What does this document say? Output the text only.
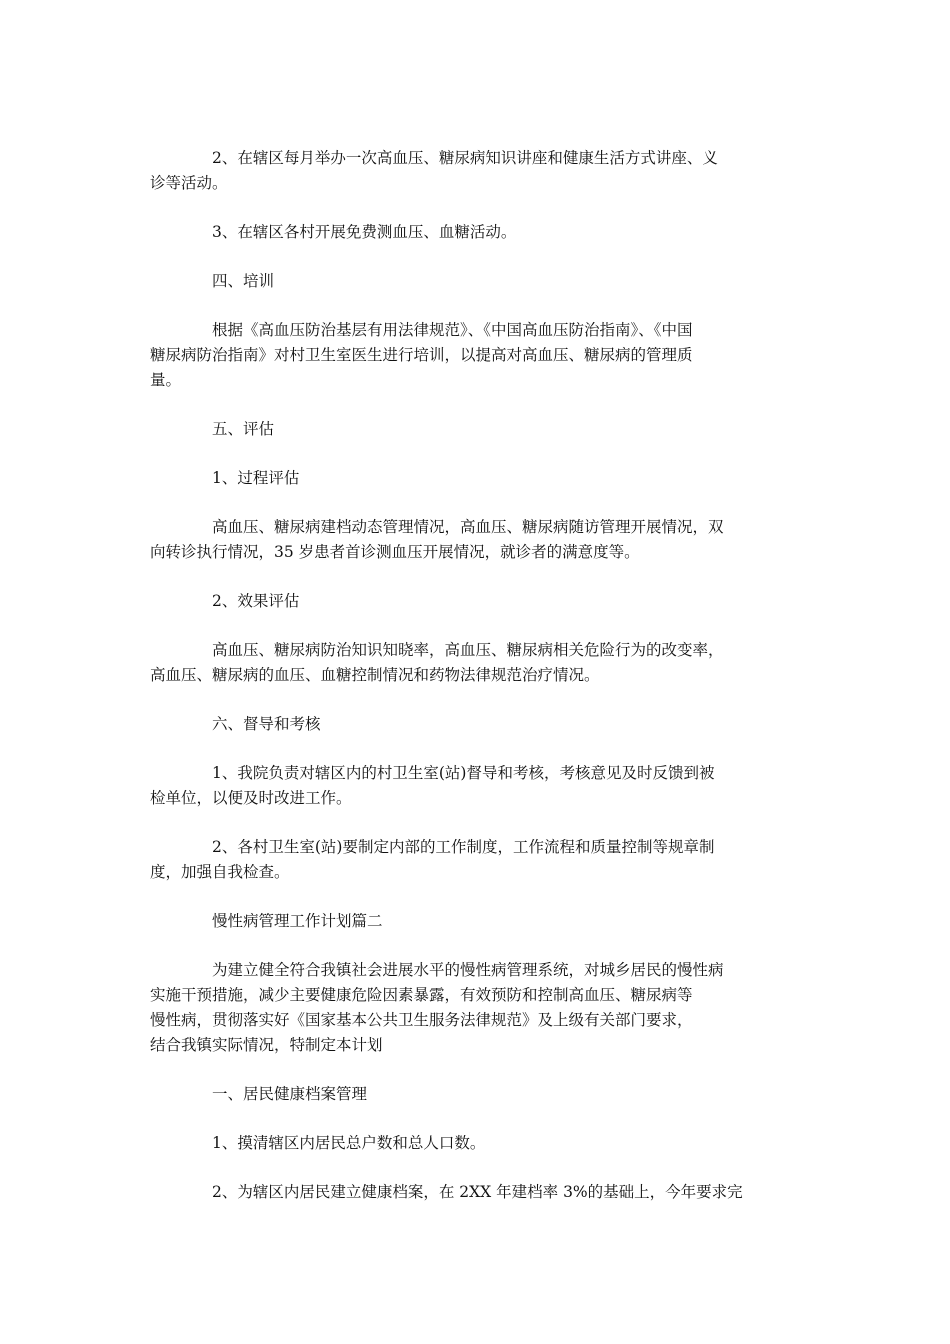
2、在辖区每月举办一次高血压、糖尿病知识讲座和健康生活方式讲座、义
诊等活动。

3、在辖区各村开展免费测血压、血糖活动。

四、培训

根据《高血压防治基层有用法律规范》、《中国高血压防治指南》、《中国
糖尿病防治指南》对村卫生室医生进行培训，以提高对高血压、糖尿病的管理质
量。

五、评估

1、过程评估

高血压、糖尿病建档动态管理情况，高血压、糖尿病随访管理开展情况，双
向转诊执行情况，35 岁患者首诊测血压开展情况，就诊者的满意度等。

2、效果评估

高血压、糖尿病防治知识知晓率，高血压、糖尿病相关危险行为的改变率，
高血压、糖尿病的血压、血糖控制情况和药物法律规范治疗情况。

六、督导和考核

1、我院负责对辖区内的村卫生室(站)督导和考核，考核意见及时反馈到被
检单位，以便及时改进工作。

2、各村卫生室(站)要制定内部的工作制度，工作流程和质量控制等规章制
度，加强自我检查。

慢性病管理工作计划篇二

为建立健全符合我镇社会进展水平的慢性病管理系统，对城乡居民的慢性病
实施干预措施，减少主要健康危险因素暴露，有效预防和控制高血压、糖尿病等
慢性病，贯彻落实好《国家基本公共卫生服务法律规范》及上级有关部门要求，
结合我镇实际情况，特制定本计划

一、居民健康档案管理

1、摸清辖区内居民总户数和总人口数。

2、为辖区内居民建立健康档案，在 2XX 年建档率 3%的基础上，今年要求完
